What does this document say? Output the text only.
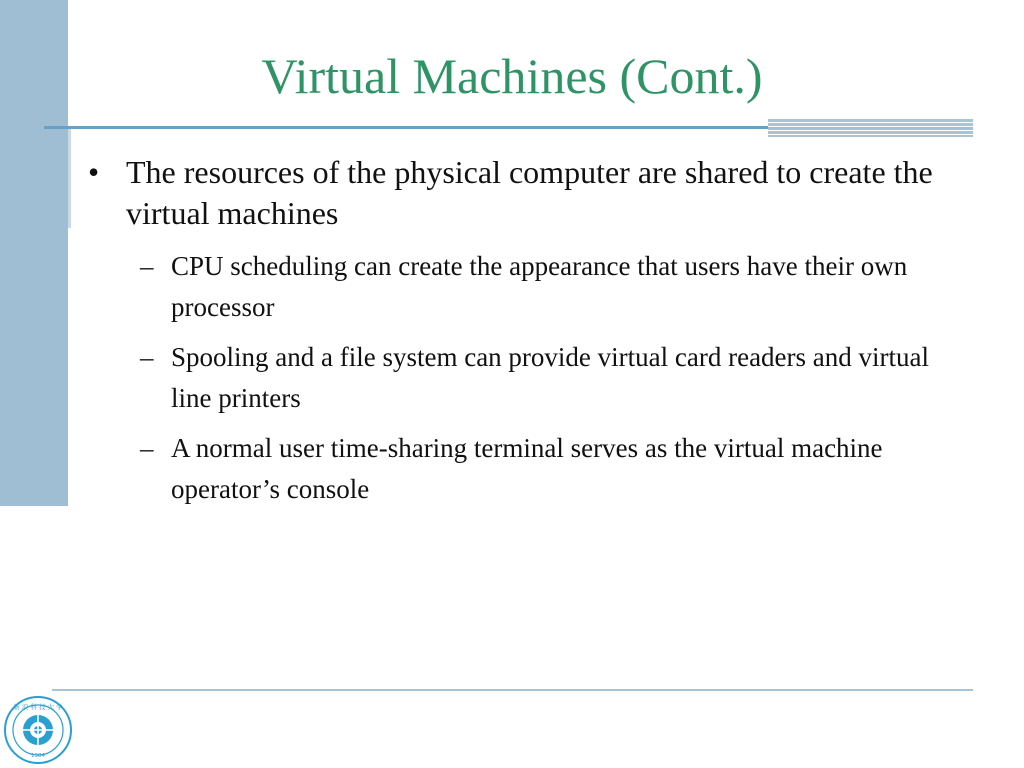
Virtual Machines (Cont.)
• The resources of the physical computer are shared to create the virtual machines
– CPU scheduling can create the appearance that users have their own processor
– Spooling and a file system can provide virtual card readers and virtual line printers
– A normal user time-sharing terminal serves as the virtual machine operator’s console
新 浪 科 技 大 学
1984
